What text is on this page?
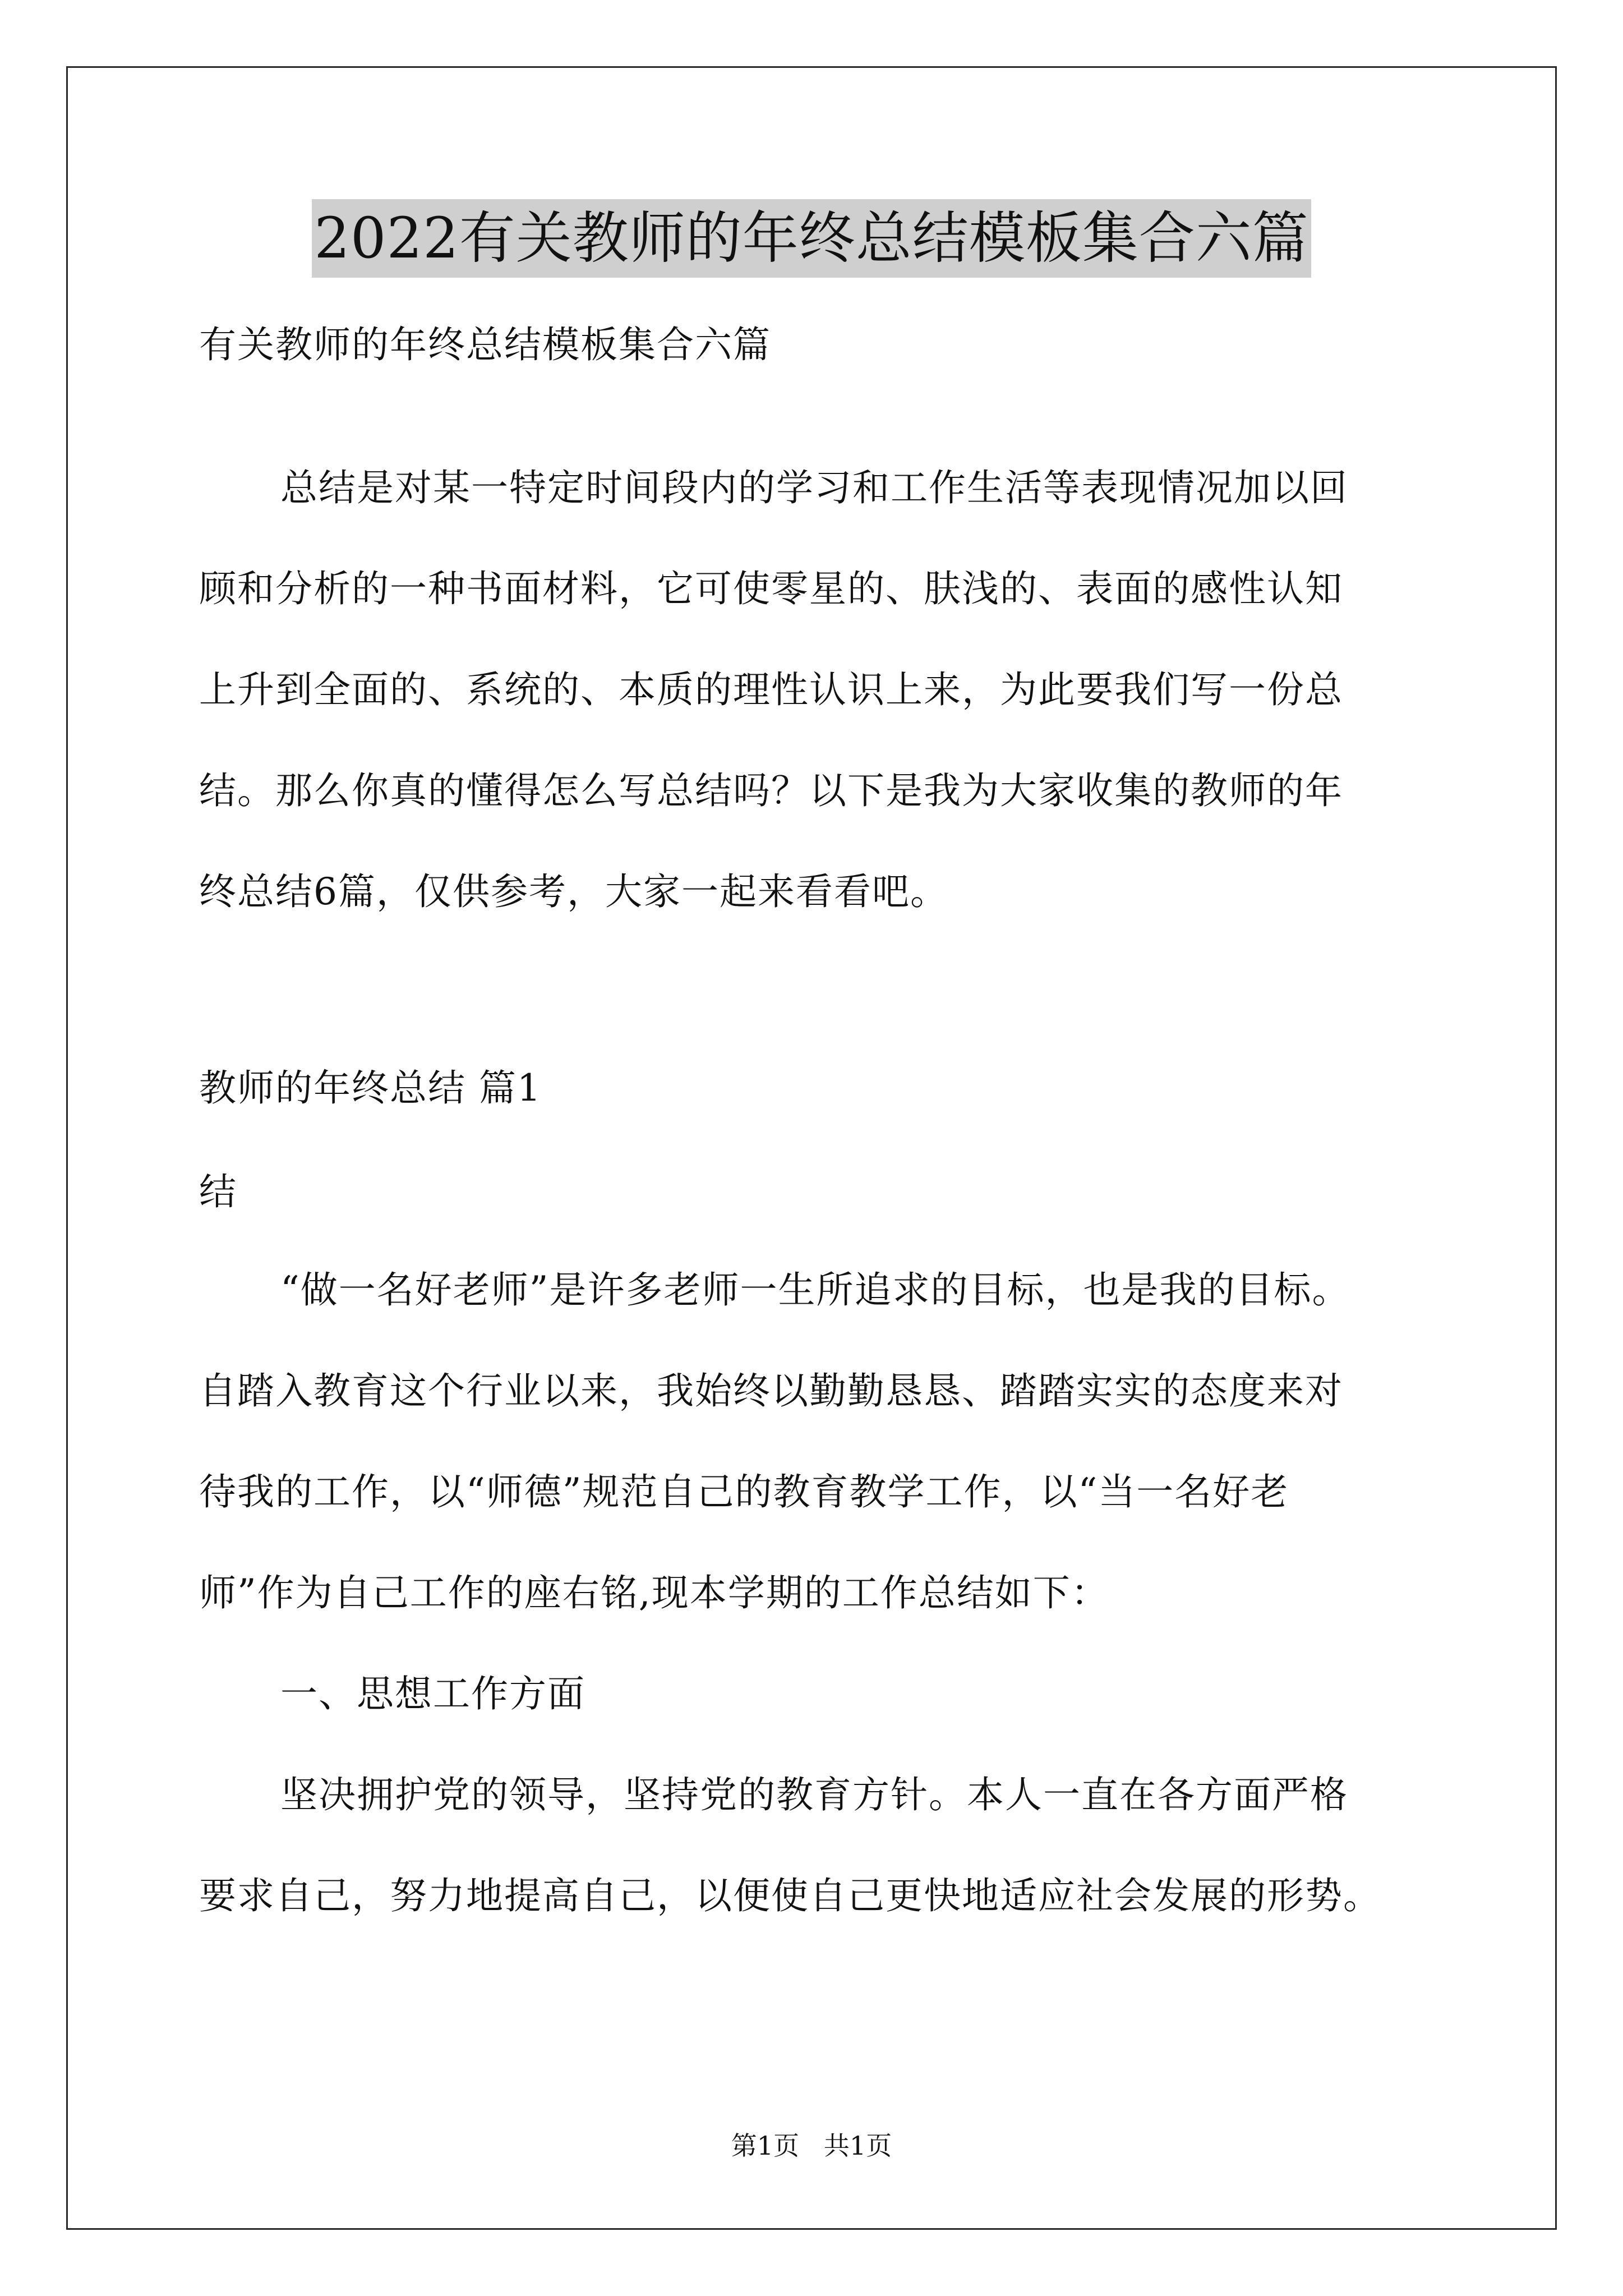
2022有关教师的年终总结模板集合六篇
有关教师的年终总结模板集合六篇
总结是对某一特定时间段内的学习和工作生活等表现情况加以回
顾和分析的一种书面材料，它可使零星的、肤浅的、表面的感性认知
上升到全面的、系统的、本质的理性认识上来，为此要我们写一份总
结。那么你真的懂得怎么写总结吗？以下是我为大家收集的教师的年
终总结6篇，仅供参考，大家一起来看看吧。
教师的年终总结 篇1
结
“做一名好老师”是许多老师一生所追求的目标，也是我的目标。
自踏入教育这个行业以来，我始终以勤勤恳恳、踏踏实实的态度来对
待我的工作，以“师德”规范自己的教育教学工作，以“当一名好老
师”作为自己工作的座右铭,现本学期的工作总结如下：
一、思想工作方面
坚决拥护党的领导，坚持党的教育方针。本人一直在各方面严格
要求自己，努力地提高自己，以便使自己更快地适应社会发展的形势。
第1页   共1页
